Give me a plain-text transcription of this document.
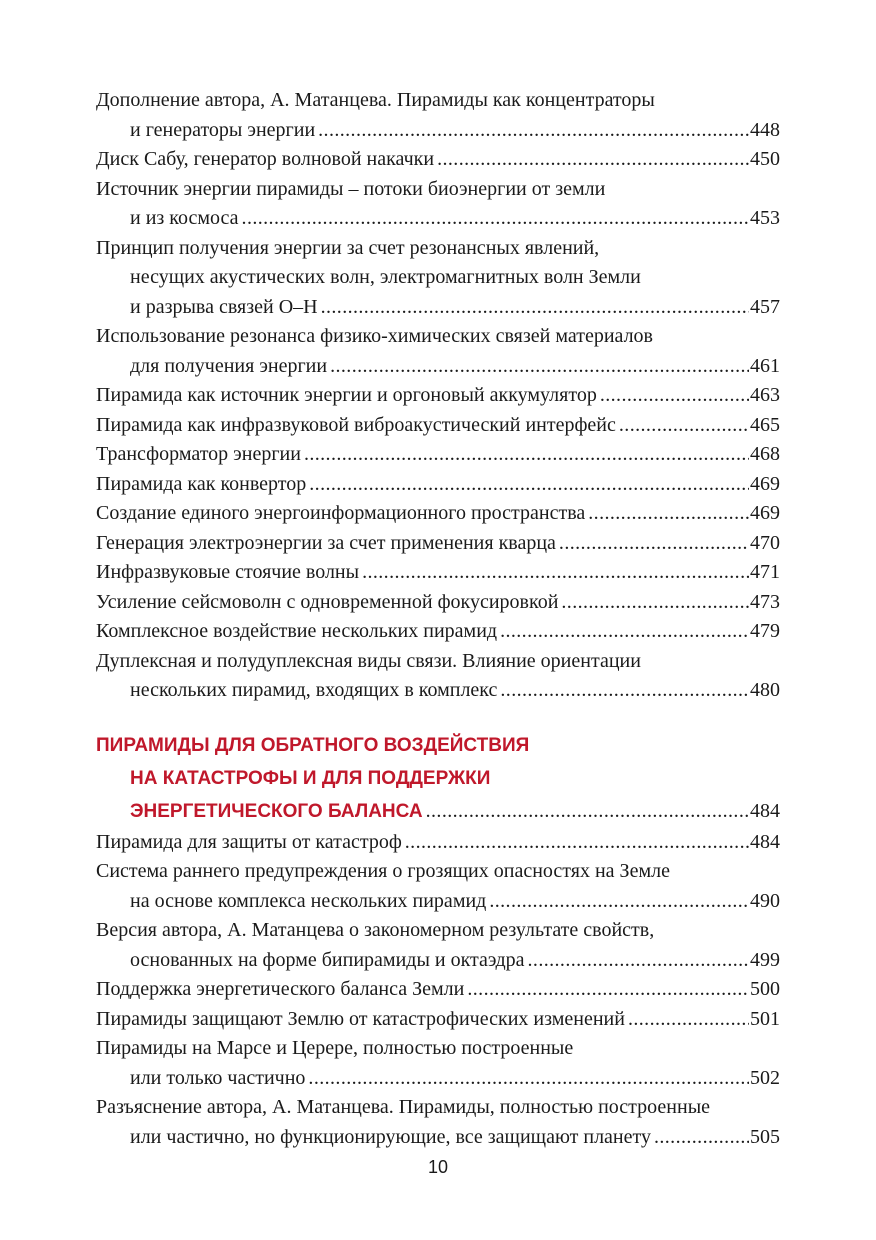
Дополнение автора, А. Матанцева. Пирамиды как концентраторы
и генераторы энергии .....	448
Диск Сабу, генератор волновой накачки .....	450
Источник энергии пирамиды – потоки биоэнергии от земли
и из космоса .....	453
Принцип получения энергии за счет резонансных явлений,
несущих акустических волн, электромагнитных волн Земли
и разрыва связей О–Н .....	457
Использование резонанса физико-химических связей материалов
для получения энергии .....	461
Пирамида как источник энергии и оргоновый аккумулятор .....	463
Пирамида как инфразвуковой виброакустический интерфейс .....	465
Трансформатор энергии .....	468
Пирамида как конвертор .....	469
Создание единого энергоинформационного пространства .....	469
Генерация электроэнергии за счет применения кварца .....	470
Инфразвуковые стоячие волны .....	471
Усиление сейсмоволн с одновременной фокусировкой .....	473
Комплексное воздействие нескольких пирамид .....	479
Дуплексная и полудуплексная виды связи. Влияние ориентации
нескольких пирамид, входящих в комплекс .....	480
ПИРАМИДЫ ДЛЯ ОБРАТНОГО ВОЗДЕЙСТВИЯ
НА КАТАСТРОФЫ И ДЛЯ ПОДДЕРЖКИ
ЭНЕРГЕТИЧЕСКОГО БАЛАНСА .....	484
Пирамида для защиты от катастроф .....	484
Система раннего предупреждения о грозящих опасностях на Земле
на основе комплекса нескольких пирамид .....	490
Версия автора, А. Матанцева о закономерном результате свойств,
основанных на форме бипирамиды и октаэдра .....	499
Поддержка энергетического баланса Земли .....	500
Пирамиды защищают Землю от катастрофических изменений .....	501
Пирамиды на Марсе и Церере, полностью построенные
или только частично .....	502
Разъяснение автора, А. Матанцева. Пирамиды, полностью построенные
или частично, но функционирующие, все защищают планету .....	505
10
